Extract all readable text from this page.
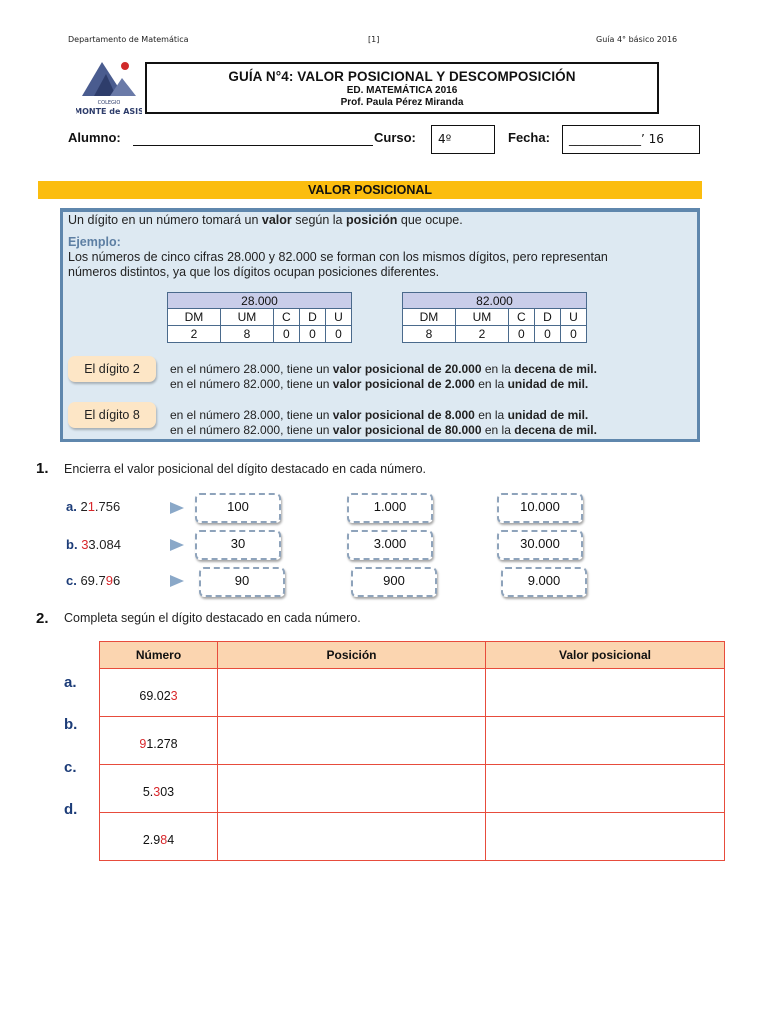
Departamento de Matemática	[1]	Guía 4° básico 2016
COLEGIO
MONTE de ASIS
GUÍA N°4: VALOR POSICIONAL Y DESCOMPOSICIÓN
ED. MATEMÁTICA 2016
Prof. Paula Pérez Miranda
Alumno:	Curso:	4º	Fecha:	____________’ 16
VALOR POSICIONAL
Un dígito en un número tomará un valor según la posición que ocupe.
Ejemplo:
Los números de cinco cifras 28.000 y 82.000 se forman con los mismos dígitos, pero representan
números distintos, ya que los dígitos ocupan posiciones diferentes.
28.000				
DM	UM	C	D	U
2	8	0	0	0
82.000				
DM	UM	C	D	U
8	2	0	0	0
El dígito 2	en el número 28.000, tiene un valor posicional de 20.000 en la decena de mil.
en el número 82.000, tiene un valor posicional de 2.000 en la unidad de mil.
El dígito 8	en el número 28.000, tiene un valor posicional de 8.000 en la unidad de mil.
en el número 82.000, tiene un valor posicional de 80.000 en la decena de mil.
1. Encierra el valor posicional del dígito destacado en cada número.
a. 21.756	100	1.000	10.000
b. 33.084	30	3.000	30.000
c. 69.796	90	900	9.000
2. Completa según el dígito destacado en cada número.
a.
b.
c.
d.
Número	Posición	Valor posicional
69.023		
91.278		
5.303		
2.984		
